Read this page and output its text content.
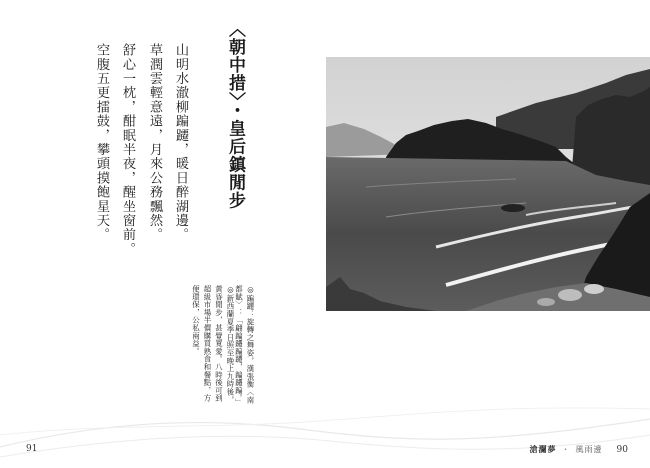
〈朝中措〉・皇后鎮閒步
山明水澈柳蹁躚，暖日醉湖邊。
草潤雲輕意遠，月來公務飄然。
舒心一枕，酣眠半夜，醒坐窗前。
空腹五更擂鼓，攀頭摸飽星天。
◎蹁躚：旋轉之舞姿，漢張衡〈南都賦〉：「翩蹁躚蹁躚，蹁躚蹁。」
◎新西蘭夏季日照至晚上九時後，黃昏閒步，甚覺寬愛。八時後可到超級市場半價購買熟食和餐點，方便環保，公私兩益。
91	滄瀾夢 ・ 風雨邊 90
